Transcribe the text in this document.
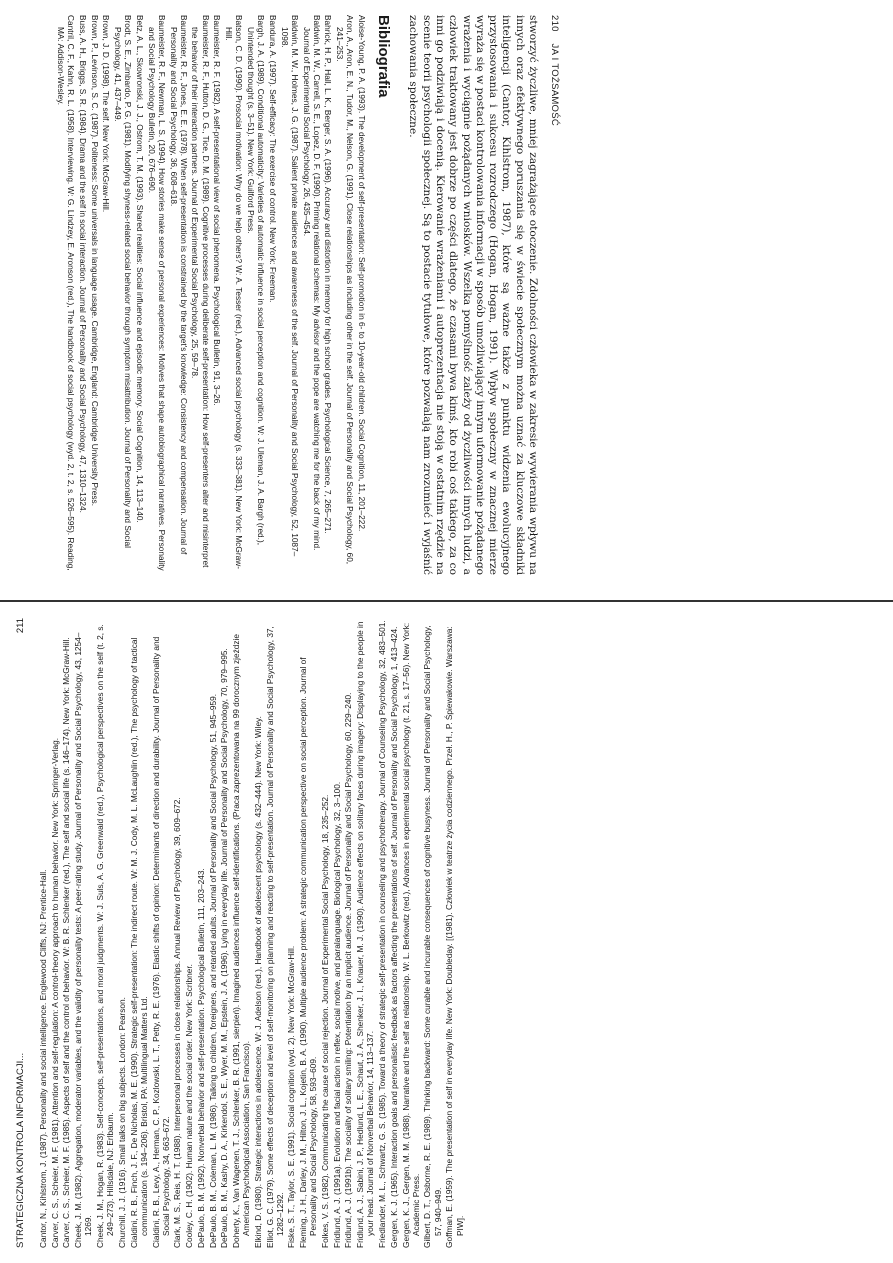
210    JA I TOŻSAMOŚĆ

stworzyć życzliwe, mniej zagrażające otoczenie. Zdolności człowieka w zakresie wywierania wpływu na innych oraz efektywnego poruszania się w świecie społecznym można uznać za kluczowe składniki inteligencji (Cantor, Kihlstrom, 1987), które są ważne także z punktu widzenia ewolucyjnego przystosowania i sukcesu rozrodczego (Hogan, Hogan, 1991). Wpływ społeczny w znacznej mierze wyraża się w postaci kontrolowania informacji w sposób umożliwiający innym uformowanie pożądanego wrażenia i wyciągnie pożądanych wniosków. Wszelka pomyślność zależy od życzliwości innych ludzi, a człowiek traktowany jest dobrze po części dlatego, że czasami bywa kimś, kto robi coś takiego, za co inni go podziwiają i docenią. Kierowanie wrażeniami i autoprezentacja nie stoją w ostatnim rzędzie na scenie teorii psychologii społecznej. Są to postacie tytułowe, które pozwalają nam zrozumieć i wyjaśnić zachowania społeczne.

Bibliografia
Aloise-Young, P. A. (1993). The development of self-presentation: Self-promotion in 6- to 10-year-old children. Social Cognition, 11, 201–222.
Aron, A., Aron, E. N., Tudor, M., Nelson, G. (1991). Close relationships as including other in the self. Journal of Personality and Social Psychology, 60, 241–253.
Bahrick, H. P., Hall, L. K., Berger, S. A. (1996). Accuracy and distortion in memory for high school grades. Psychological Science, 7, 265–271.
Baldwin, M. W., Carrell, S. E., Lopez, D. F. (1990). Priming relational schemas: My advisor and the pope are watching me for the back of my mind. Journal of Experimental Social Psychology, 26, 435–454.
Baldwin, M. W., Holmes, J. G. (1987). Salient private audiences and awareness of the self. Journal of Personality and Social Psychology, 52, 1087–1098.
Bandura, A. (1997). Self-efficacy: The exercise of control. New York: Freeman.
Bargh, J. A. (1989). Conditional automaticity: Varieties of automatic influence in social perception and cognition. W: J. Uleman, J. A. Bargh (red.), Unintended thought (s. 3–51). New York: Guilford Press.
Batson, C. D. (1990). Prosocial motivation: Why do we help others? W: A. Tesser (red.), Advanced social psychology (s. 333–381). New York: McGraw-Hill.
Baumeister, R. F. (1982). A self-presentational view of social phenomena. Psychological Bulletin, 91, 3–26.
Baumeister, R. F., Hutton, D. G., Tice, D. M. (1989). Cognitive processes during deliberate self-presentation: How self-presenters alter and misinterpret the behavior of their interaction partners. Journal of Experimental Social Psychology, 25, 59–78.
Baumeister, R. F., Jones, E. E. (1978). When self-presentation is constrained by the target's knowledge: Consistency and compensation. Journal of Personality and Social Psychology, 36, 608–618.
Baumeister, R. F., Newman, L. S. (1994). How stories make sense of personal experiences: Motives that shape autobiographical narratives. Personality and Social Psychology Bulletin, 20, 676–690.
Betz, A. L., Skowronski, J. J., Ostrom, T. M. (1993). Shared realities: Social influence and episodic memory. Social Cognition, 14, 113–140.
Brodt, S. E., Zimbardo, P. G. (1981). Modifying shyness-related social behavior through symptom misattribution. Journal of Personality and Social Psychology, 41, 437–449.
Brown, J. D. (1998). The self. New York: McGraw-Hill.
Brown, P., Levinson, S. C. (1987). Politeness: Some universals in language usage. Cambridge, England: Cambridge University Press.
Buss, A. H., Briggs, S. R. (1984). Drama and the self in social interaction. Journal of Personality and Social Psychology, 47, 1310–1324.
Cantril, C. F., Kahn, R. L. (1958). Interviewing. W: G. Lindzey, E. Aronson (red.), The handbook of social psychology (wyd. 2, t. 2, s. 526–595). Reading, MA: Addison-Wesley.
STRATEGICZNA KONTROLA INFORMACJI...
211
Cantor, N., Kihlstrom, J. (1987). Personality and social intelligence. Englewood Cliffs, NJ: Prentice-Hall. Carver, C. S., Scheier, M. F. (1981). Attention and self-regulation: A control-theory approach to human behavior. New York: Springer-Verlag. Carver, C. S., Scheier, M. F. (1985). Aspects of self and the control of behavior. W: B. R. Schlenker (red.), The self and social life (s. 146–174). New York: McGraw-Hill. Cheek, J. M. (1982). Aggregation, moderator variables, and the validity of personality tests: A peer-rating study. Journal of Personality and Social Psychology, 43, 1254–1269. Cheek, J. M., Hogan, R. (1983). Self-concepts, self-presentations, and moral judgments. W: J. Suls, A. G. Greenwald (red.), Psychological perspectives on the self (t. 2, s. 249–273). Hillsdale, NJ: Erlbaum. Churchill, J. J. (1916). Small talks on big subjects. London: Pearson. Cialdini, R. B., Finch, J. F., De Nicholas, M. E. (1990). Strategic self-presentation: The indirect route. W: M. J. Cody, M. L. McLaughlin (red.), The psychology of tactical communication (s. 194–206). Bristol, PA: Multilingual Matters Ltd. Cialdini, R. B., Levy, A., Herman, C. P., Kozlowski, L. T., Petty, R. E. (1976). Elastic shifts of opinion: Determinants of direction and durability. Journal of Personality and Social Psychology, 34, 663–672. Clark, M. S., Reis, H. T. (1988). Interpersonal processes in close relationships. Annual Review of Psychology, 39, 609–672. Cooley, C. H. (1902). Human nature and the social order. New York: Scribner. DePaulo, B. M. (1992). Nonverbal behavior and self-presentation. Psychological Bulletin, 111, 203–243. DePaulo, B. M., Coleman, L. M. (1986). Talking to children, foreigners, and retarded adults. Journal of Personality and Social Psychology, 51, 945–959. DePaulo, B. M., Kashy, D. A., Kirkendol, S. E., Wyer, M. M., Epstein, J. A. (1996). Lying in everyday life. Journal of Personality and Social Psychology, 70, 979–995. Doherty, K., Van Wagenen, T. J., Schlenker, B. R. (1991, sierpień). Imagined audiences influence self-identifications. (Praca zaprezentowana na 99 dorocznym zjeździe American Psychological Association, San Francisco). Elkind, D. (1980). Strategic interactions in adolescence. W: J. Adelson (red.), Handbook of adolescent psychology (s. 432–444). New York: Wiley. Elliot, G. C. (1979). Some effects of deception and level of self-monitoring on planning and reacting to self-presentation. Journal of Personality and Social Psychology, 37, 1282–1292. Fiske, S. T., Taylor, S. E. (1991). Social cognition (wyd. 2). New York: McGraw-Hill. Fleming, J. H., Darley, J. M., Hilton, J. L., Kojetin, B. A. (1990). Multiple audience problem: A strategic communication perspective on social perception. Journal of Personality and Social Psychology, 58, 593–609. Folkes, V. S. (1982). Communicating the cause of social rejection. Journal of Experimental Social Psychology, 18, 235–252. Fridlund, A. J. (1991a). Evolution and facial action in reflex, social motive, and paralanguage. Biological Psychology, 32, 3–100. Fridlund, A. J. (1991b). The sociality of solitary smiling: Potentiation by an implicit audience. Journal of Personality and Social Psychology, 60, 229–240. Fridlund, A. J., Sabini, J. P., Hedlund, L. E., Schaut, J. A., Shenker, J. I., Knauer, M. J. (1990). Audience effects on solitary faces during imagery: Displaying to the people in your head. Journal of Nonverbal Behavior, 14, 113–137. Friedlander, M. L., Schwartz, G. S. (1985). Toward a theory of strategic self-presentation in counseling and psychotherapy. Journal of Counseling Psychology, 32, 483–501. Gergen, K. J. (1965). Interaction goals and personalistic feedback as factors affecting the presentations of self. Journal of Personality and Social Psychology, 1, 413–424. Gergen, K. J., Gergen, M. M. (1988). Narrative and the self as relationship. W: L. Berkowitz (red.), Advances in experimental social psychology (t. 21, s. 17–56). New York: Academic Press. Gilbert, D. T., Osborne, R. E. (1989). Thinking backward: Some curable and incurable consequences of cognitive busyness. Journal of Personality and Social Psychology, 57, 940–949. Goffman, E. (1959). The presentation of self in everyday life. New York: Doubleday. [(1981). Człowiek w teatrze życia codziennego. Przeł. H., P. Śpiewakowie. Warszawa: PIW].
